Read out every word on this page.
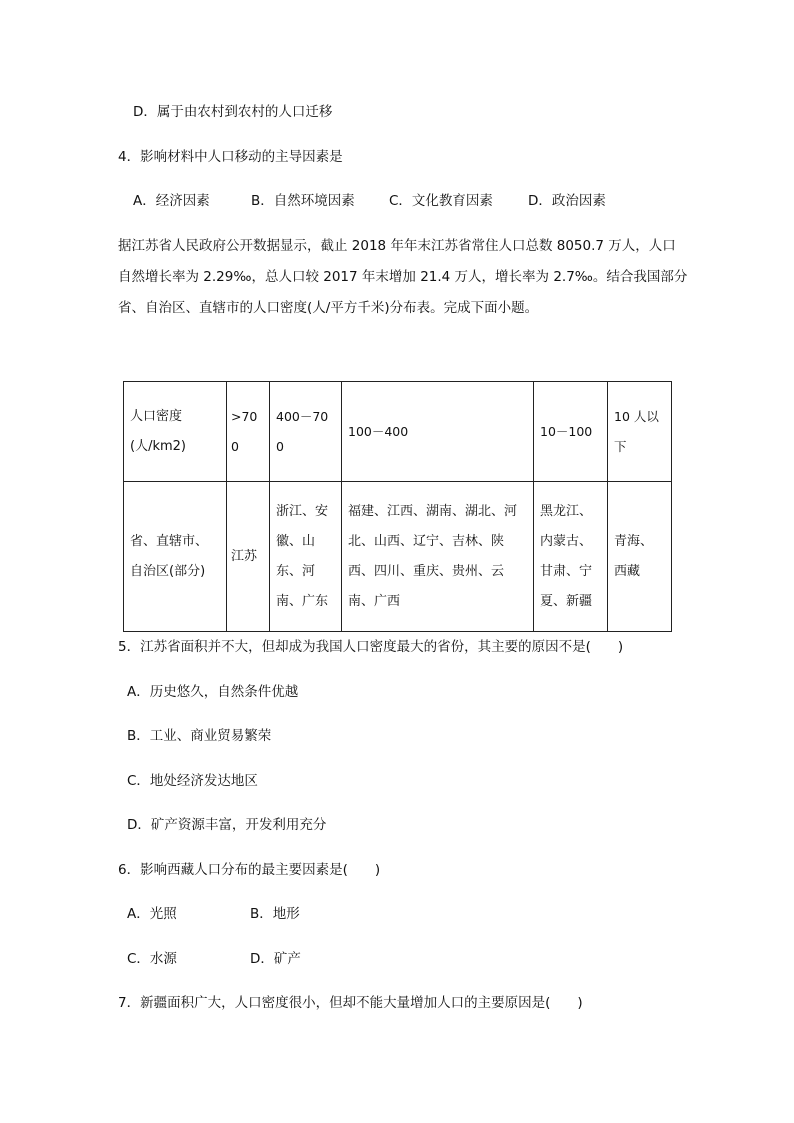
D．属于由农村到农村的人口迁移
4．影响材料中人口移动的主导因素是
A．经济因素	B．自然环境因素	C．文化教育因素	D．政治因素
据江苏省人民政府公开数据显示，截止 2018 年年末江苏省常住人口总数 8050.7 万人，人口
自然增长率为 2.29‰，总人口较 2017 年末增加 21.4 万人，增长率为 2.7‰。结合我国部分
省、自治区、直辖市的人口密度(人/平方千米)分布表。完成下面小题。
人口密度
(人/km2)	>700	400－700	100－400	10－100	10 人以下
省、直辖市、自治区(部分)	江苏	浙江、安徽、山东、河南、广东	福建、江西、湖南、湖北、河北、山西、辽宁、吉林、陕西、四川、重庆、贵州、云南、广西	黑龙江、内蒙古、甘肃、宁夏、新疆	青海、西藏
5．江苏省面积并不大，但却成为我国人口密度最大的省份，其主要的原因不是(　　)
A．历史悠久，自然条件优越
B．工业、商业贸易繁荣
C．地处经济发达地区
D．矿产资源丰富，开发利用充分
6．影响西藏人口分布的最主要因素是(　　)
A．光照	B．地形
C．水源	D．矿产
7．新疆面积广大，人口密度很小，但却不能大量增加人口的主要原因是(　　)
